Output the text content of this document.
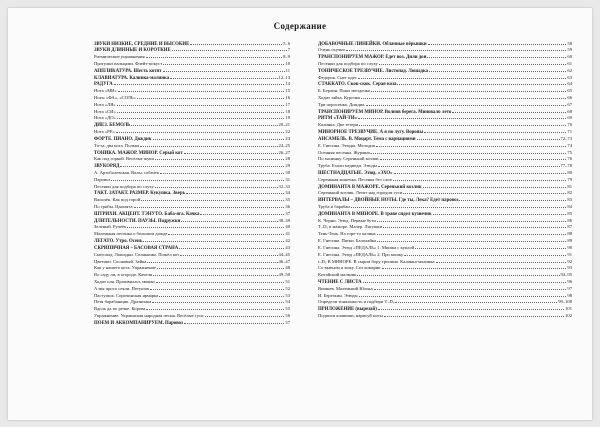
Содержание
ЗВУКИ НИЗКИЕ, СРЕДНИЕ И ВЫСОКИЕ	5–6
ЗВУКИ ДЛИННЫЕ И КОРОТКИЕ	7
Ритмические упражнения	8–9
Прогулки пальцами. Флейт-покуст	10
АППЛИКАТУРА. Шесть котят	11
КЛАВИАТУРА. Калинка-малинка	12–13
РАДУГА	14
Нота «МИ»	15
Ноты «ФА», «СОЛЬ»	16
Нота «ЛЯ»	17
Нота «СИ»	18
Нота «ДО»	19
ДИЕЗ. БЕМОЛЬ	20–21
Нота «РЕ»	22
ФОРТЕ. ПИАНО. Дождик	23
Та-та, два кота. Полька	24–25
ТОНИКА. МАЖОР. МИНОР. Серый кот	26–27
Как под горкой. Весёлые жуки	28
ЗВУКОРЯД	29
А. Артоболевская. Вальс собачек	30
Паровоз	31
Песенки для подбора по слуху	32–33
ТАКТ. ЗАТАКТ. РАЗМЕР. Кукушка. Зверь	34
Василёк. Как под горой	35
По грибы. Цыплята	36
ШТРИХИ. АКЦЕНТ. ТЭНУТО. Баба-яга. Качка	37
ДЛИТЕЛЬНОСТИ. ПАУЗЫ. Подружки	38–39
Зеленый. Ручеёк	40
Маленькая песенка о большом дожде	41
ЛЕГАТО. Утро. Осень	42
СКРИПИЧНАЯ – БАСОВАЯ СТРАНА	43
Снегопад. Лошадки. Солнышко. Пошёл кот	44–45
Цветики. Сосновый. Зайка	46–47
Как у нашего кота. Упражнение	48
Во саду ли, в огороде. Качели	49–50
Ходит оля. Прошвилась звонко	51
А мы просо сеяли. Петушок	52
Пастушок. Сорочинская ярмарка	53
Петя барабанщик. Дразнилка	54
Вдоль да по речке. Корова	55
Упражнение. Украинская народная песня. Весёлые гуси	56
ПОЕМ И АККОМПАНИРУЕМ. Паровоз	57
ДОБАВОЧНЫЕ ЛИНЕЙКИ. Облачные пёрышки	58
Очень скучно	59
ТРАНСПОНИРУЕМ МАЖОР. Едет воз. Дили дон	60
Песенки для подбора по слуху	61
ТОНИЧЕСКОЕ ТРЕЗВУЧИЕ. Листопад. Лошадка	62
Федорок. Снег идет	63
СТАККАТО. Скок-скок. Серая коза	64
Б. Берлин. Пони звездочка	65
Ходит зайка. Курочка	66
Три поросенка. Дождик	67
ТРАНСПОНИРУЕМ МИНОР. Волнов берега. Миновало лето	68
РИТМ «ТАЙ-ТИ»	69
Калинка. Две тетери	70
МИНОРНОЕ ТРЕЗВУЧИЕ. А я по лугу. Вороны	71
АНСАМБЛЬ. В. Моцарт. Тема с вариациями	72–73
Е. Гнесина. Этюды. Мелодия	74
Осенняя песенка. Журавль	75
По малинку. Серенький козлик	76
Труба. Ехали медведи. Этюды	77–78
ШЕСТНАДЦАТЫЕ. Этюд. «ЭХО»	80
Серенькая кошечка. Песенка без слов	79
ДОМИНАНТА В МАЖОРЕ. Серенький козлик	81
Серенький козлик. Летит над городом гуси	82
ИНТЕРВАЛЫ – ДВОЙНЫЕ НОТЫ. Где ты, Лека? Едет паровоз	83
Труба и барабан	84
ДОМИНАНТА В МИНОРЕ. В траве сидел кузнечик	85
К. Черни. Этюд. Первые бути	86
T–D₇ в мажоре. Малер. Лягушки	87
Тень-Тень. На горе-то калина	88
Е. Гнесина. Пятки. Балалайка	89
Е. Гнесина. Этюд «ПЕДАЛЬ» 1. Мишка с куклой	90
Е. Гнесина. Этюд «ПЕДАЛЬ» 2. Про кошку	91
t–D₇ В МИНОРЕ. В сыром бору тропина. Калинка-малинка	92
Со вьюном я хожу. Сел комарик	93
Китайский мальчик	94–95
ЧТЕНИЕ С ЛИСТА	96
Вишнев. Маленький Юлька	97
И. Березкин. Этюды	98
Определи тональность и подбери T–D₇	99–100
ПРИЛОЖЕНИЕ (вырезай)	101
Подписи клавиши, нарисуй ноты	102
